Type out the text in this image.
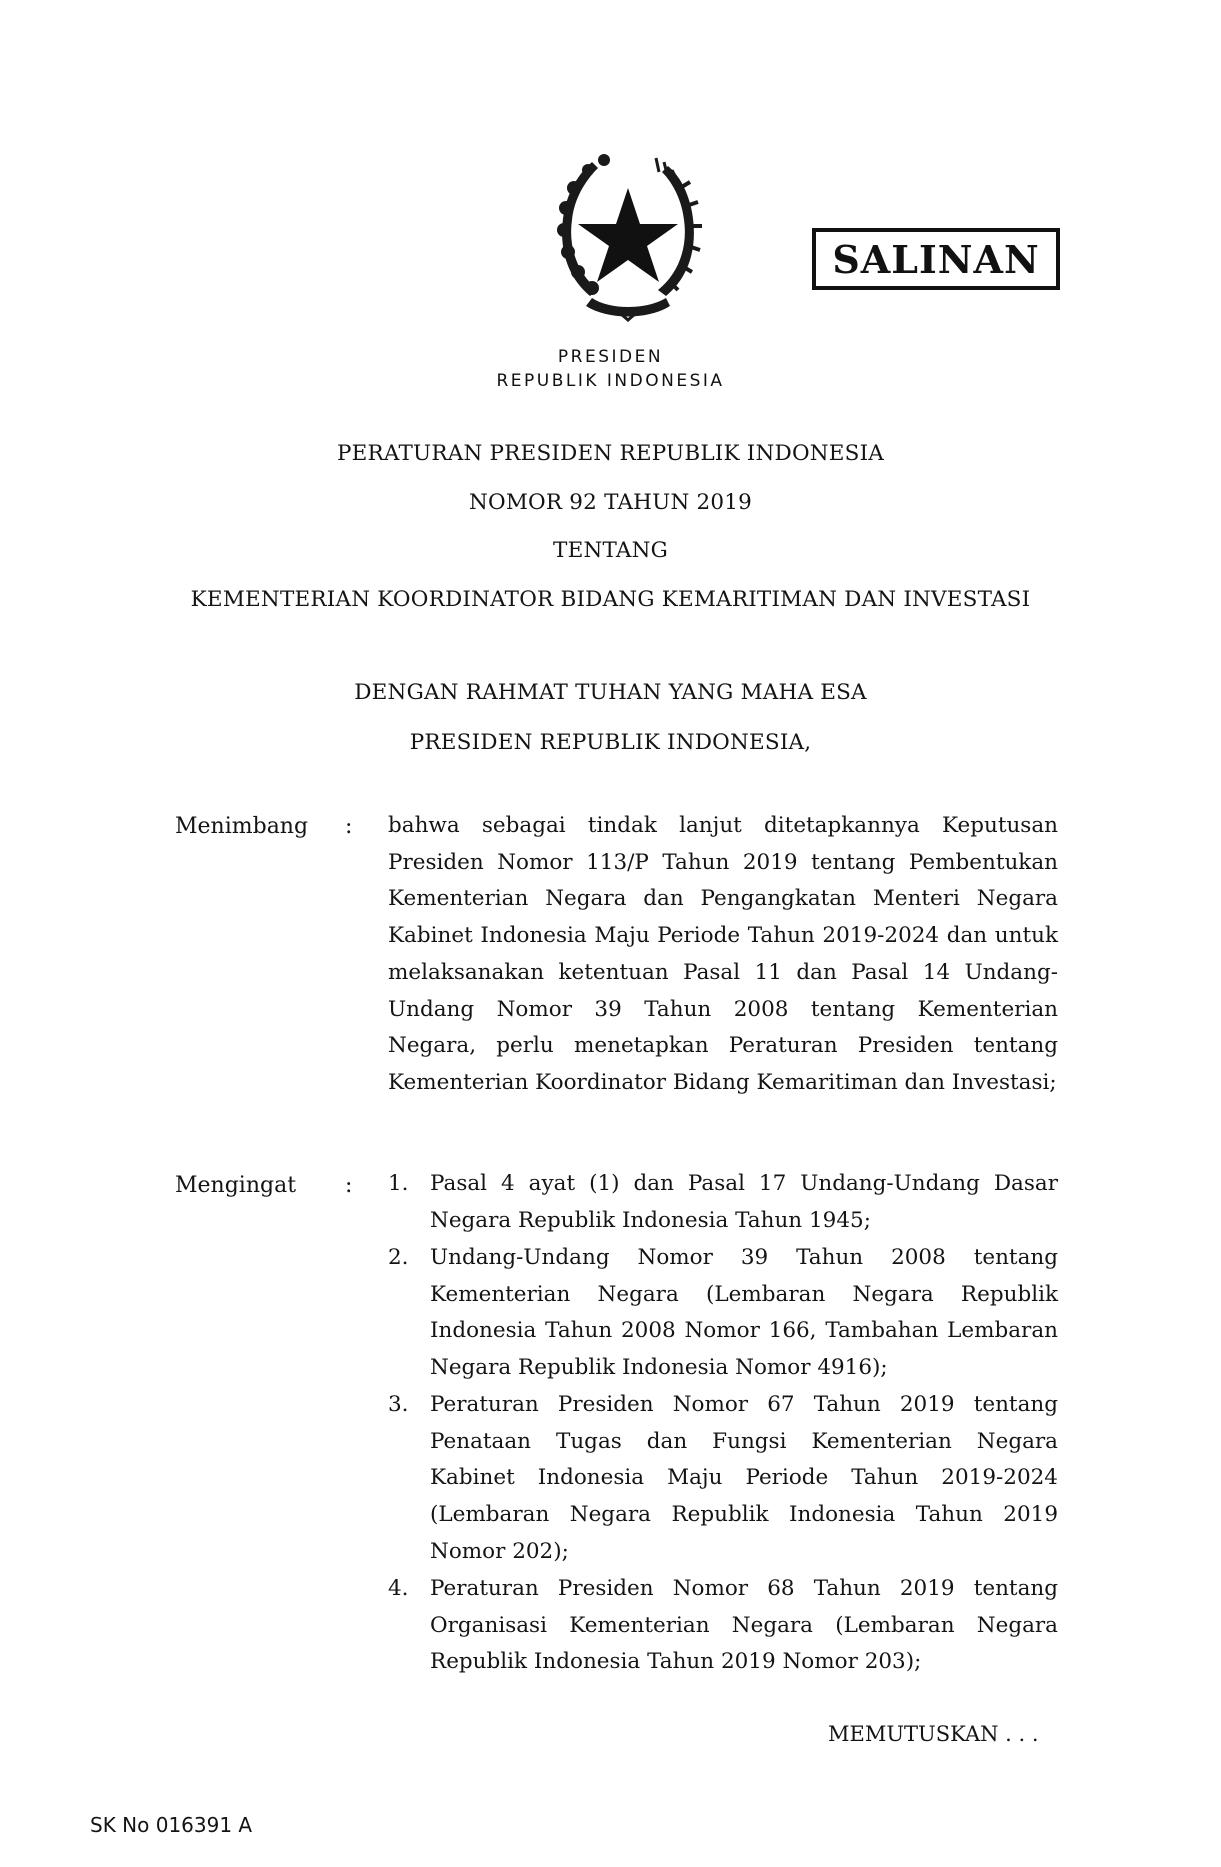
SALINAN
PRESIDEN
REPUBLIK INDONESIA
PERATURAN PRESIDEN REPUBLIK INDONESIA
NOMOR 92 TAHUN 2019
TENTANG
KEMENTERIAN KOORDINATOR BIDANG KEMARITIMAN DAN INVESTASI
DENGAN RAHMAT TUHAN YANG MAHA ESA
PRESIDEN REPUBLIK INDONESIA,
Menimbang : bahwa sebagai tindak lanjut ditetapkannya Keputusan Presiden Nomor 113/P Tahun 2019 tentang Pembentukan Kementerian Negara dan Pengangkatan Menteri Negara Kabinet Indonesia Maju Periode Tahun 2019-2024 dan untuk melaksanakan ketentuan Pasal 11 dan Pasal 14 Undang-Undang Nomor 39 Tahun 2008 tentang Kementerian Negara, perlu menetapkan Peraturan Presiden tentang Kementerian Koordinator Bidang Kemaritiman dan Investasi;
Mengingat : 1. Pasal 4 ayat (1) dan Pasal 17 Undang-Undang Dasar Negara Republik Indonesia Tahun 1945;
2. Undang-Undang Nomor 39 Tahun 2008 tentang Kementerian Negara (Lembaran Negara Republik Indonesia Tahun 2008 Nomor 166, Tambahan Lembaran Negara Republik Indonesia Nomor 4916);
3. Peraturan Presiden Nomor 67 Tahun 2019 tentang Penataan Tugas dan Fungsi Kementerian Negara Kabinet Indonesia Maju Periode Tahun 2019-2024 (Lembaran Negara Republik Indonesia Tahun 2019 Nomor 202);
4. Peraturan Presiden Nomor 68 Tahun 2019 tentang Organisasi Kementerian Negara (Lembaran Negara Republik Indonesia Tahun 2019 Nomor 203);
MEMUTUSKAN . . .
SK No 016391 A
